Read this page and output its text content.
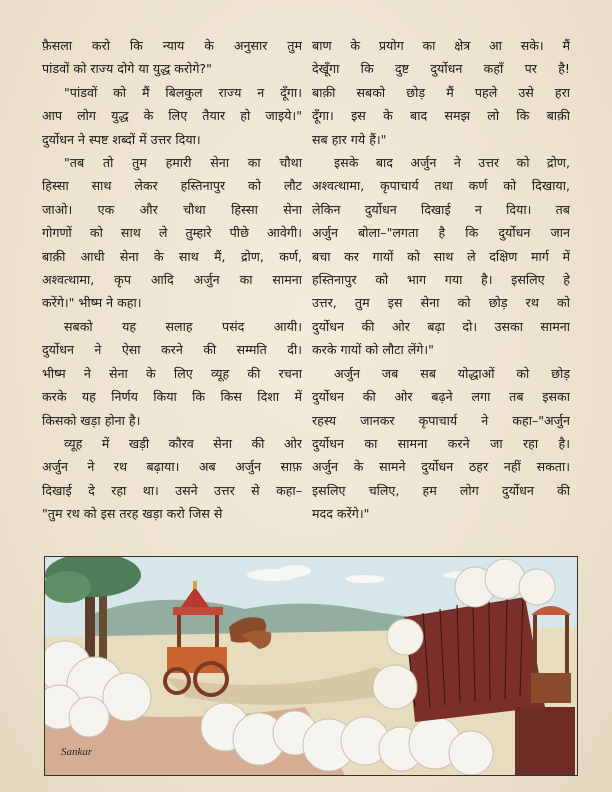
फ़ैसला करो कि न्याय के अनुसार तुम
पांडवों को राज्य दोगे या युद्ध करोगे?"

"पांडवों को मैं बिलकुल राज्य न दूँगा।
आप लोग युद्ध के लिए तैयार हो जाइये।"
दुर्योधन ने स्पष्ट शब्दों में उत्तर दिया।

"तब तो तुम हमारी सेना का चौथा
हिस्सा साथ लेकर हस्तिनापुर को लौट
जाओ। एक और चौथा हिस्सा सेना
गोगणों को साथ ले तुम्हारे पीछे आवेगी।
बाक़ी आधी सेना के साथ मैं, द्रोण, कर्ण,
अश्वत्थामा, कृप आदि अर्जुन का सामना
करेंगे।" भीष्म ने कहा।

सबको यह सलाह पसंद आयी।
दुर्योधन ने ऐसा करने की सम्मति दी।
भीष्म ने सेना के लिए व्यूह की रचना
करके यह निर्णय किया कि किस दिशा में
किसको खड़ा होना है।

व्यूह में खड़ी कौरव सेना की ओर
अर्जुन ने रथ बढ़ाया। अब अर्जुन साफ़
दिखाई दे रहा था। उसने उत्तर से कहा–
"तुम रथ को इस तरह खड़ा करो जिस से

बाण के प्रयोग का क्षेत्र आ सके। मैं
देखूँगा कि दुष्ट दुर्योधन कहाँ पर है!
बाक़ी सबको छोड़ मैं पहले उसे हरा
दूँगा। इस के बाद समझ लो कि बाक़ी
सब हार गये हैं।"

इसके बाद अर्जुन ने उत्तर को द्रोण,
अश्वत्थामा, कृपाचार्य तथा कर्ण को दिखाया,
लेकिन दुर्योधन दिखाई न दिया। तब
अर्जुन बोला–"लगता है कि दुर्योधन जान
बचा कर गायों को साथ ले दक्षिण मार्ग में
हस्तिनापुर को भाग गया है। इसलिए हे
उत्तर, तुम इस सेना को छोड़ रथ को
दुर्योधन की ओर बढ़ा दो। उसका सामना
करके गायों को लौटा लेंगे।"

अर्जुन जब सब योद्धाओं को छोड़
दुर्योधन की ओर बढ़ने लगा तब इसका
रहस्य जानकर कृपाचार्य ने कहा–"अर्जुन
दुर्योधन का सामना करने जा रहा है।
अर्जुन के सामने दुर्योधन ठहर नहीं सकता।
इसलिए चलिए, हम लोग दुर्योधन की
मदद करेंगे।"

Sankar
